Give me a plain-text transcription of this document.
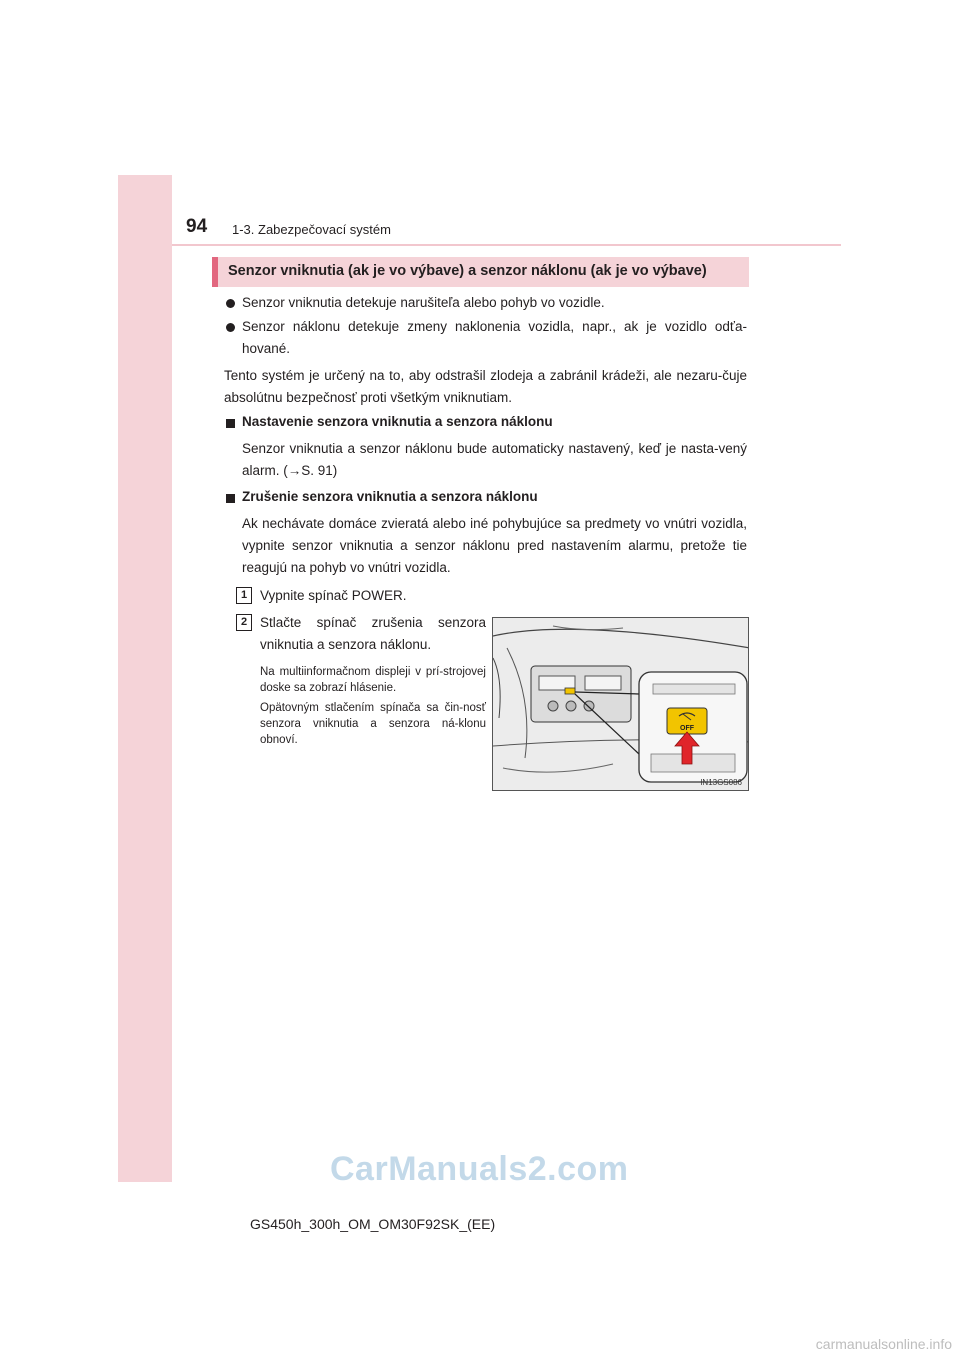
94 1-3. Zabezpečovací systém
Senzor vniknutia (ak je vo výbave) a senzor náklonu (ak je vo výbave)
Senzor vniknutia detekuje narušiteľa alebo pohyb vo vozidle.
Senzor náklonu detekuje zmeny naklonenia vozidla, napr., ak je vozidlo odťa-hované.
Tento systém je určený na to, aby odstrašil zlodeja a zabránil krádeži, ale nezaru-čuje absolútnu bezpečnosť proti všetkým vniknutiam.
Nastavenie senzora vniknutia a senzora náklonu
Senzor vniknutia a senzor náklonu bude automaticky nastavený, keď je nasta-vený alarm. (→S. 91)
Zrušenie senzora vniknutia a senzora náklonu
Ak nechávate domáce zvieratá alebo iné pohybujúce sa predmety vo vnútri vozidla, vypnite senzor vniknutia a senzor náklonu pred nastavením alarmu, pretože tie reagujú na pohyb vo vnútri vozidla.
1 Vypnite spínač POWER.
2 Stlačte spínač zrušenia senzora vniknutia a senzora náklonu.
Na multiinformačnom displeji v prí-strojovej doske sa zobrazí hlásenie.
Opätovným stlačením spínača sa čin-nosť senzora vniknutia a senzora ná-klonu obnoví.
OFF
IN13GS086
CarManuals2.com
GS450h_300h_OM_OM30F92SK_(EE)
carmanualsonline.info
